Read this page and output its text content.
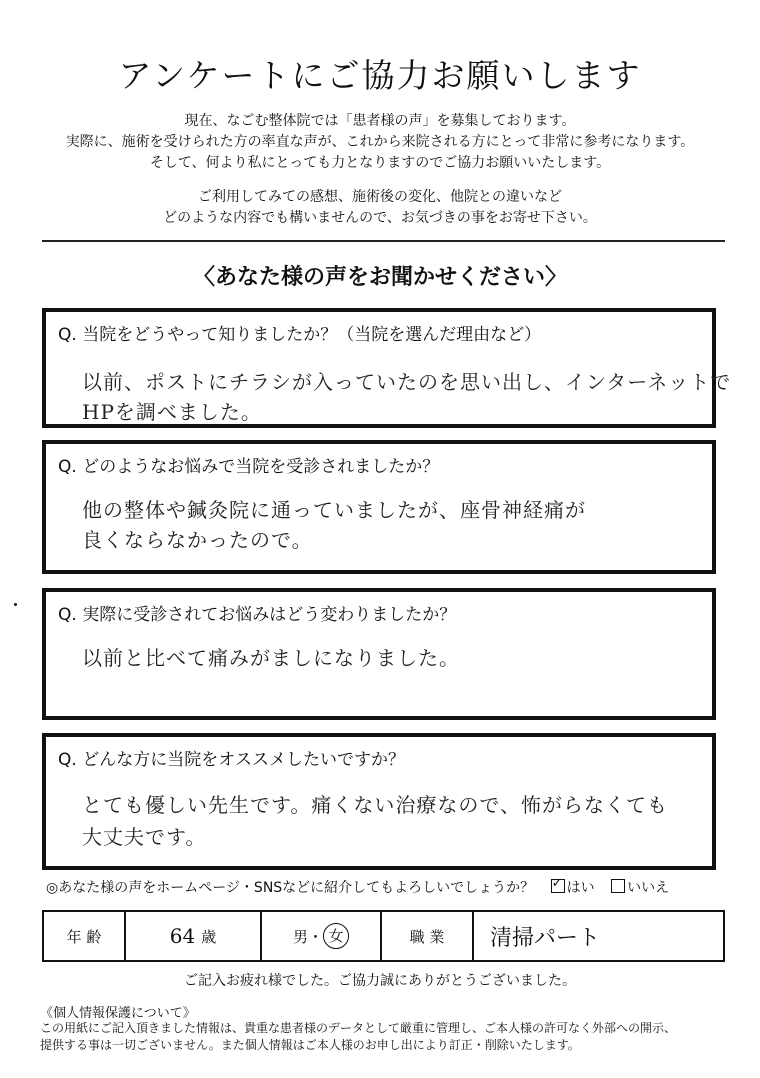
アンケートにご協力お願いします
現在、なごむ整体院では「患者様の声」を募集しております。
実際に、施術を受けられた方の率直な声が、これから来院される方にとって非常に参考になります。
そして、何より私にとっても力となりますのでご協力お願いいたします。
ご利用してみての感想、施術後の変化、他院との違いなど
どのような内容でも構いませんので、お気づきの事をお寄せ下さい。
〈あなた様の声をお聞かせください〉
Q. 当院をどうやって知りましたか？（当院を選んだ理由など）
以前、ポストにチラシが入っていたのを思い出し、インターネットで
HPを調べました。
Q. どのようなお悩みで当院を受診されましたか？
他の整体や鍼灸院に通っていましたが、座骨神経痛が
良くならなかったので。
Q. 実際に受診されてお悩みはどう変わりましたか？
以前と比べて痛みがましになりました。
Q. どんな方に当院をオススメしたいですか？
とても優しい先生です。痛くない治療なので、怖がらなくても
大丈夫です。
◎あなた様の声をホームページ・SNSなどに紹介してもよろしいでしょうか？ ✓ はい いいえ
年 齢	64 歳	男 ・ 女	職 業	清掃パート
ご記入お疲れ様でした。ご協力誠にありがとうございました。
《個人情報保護について》
この用紙にご記入頂きました情報は、貴重な患者様のデータとして厳重に管理し、ご本人様の許可なく外部への開示、
提供する事は一切ございません。また個人情報はご本人様のお申し出により訂正・削除いたします。
